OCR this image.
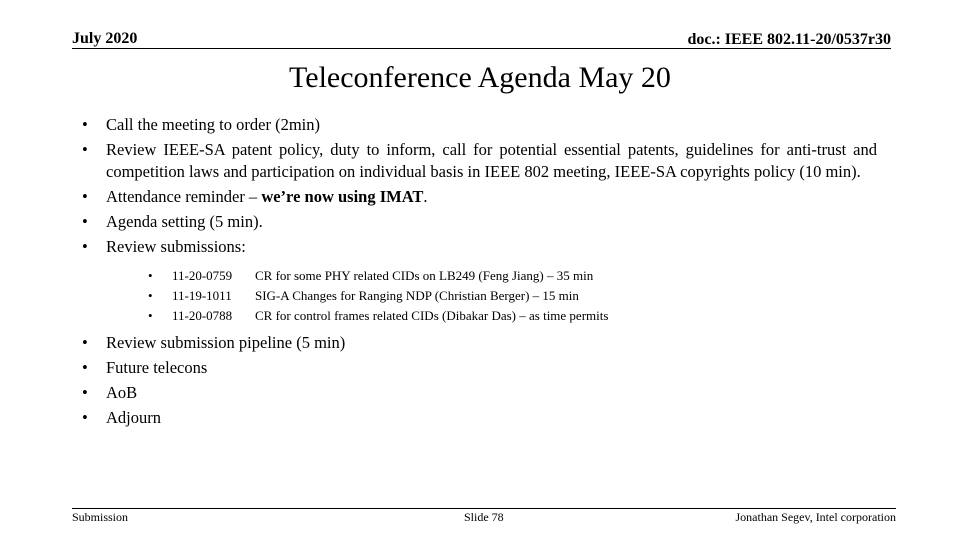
July 2020	doc.: IEEE 802.11-20/0537r30
Teleconference Agenda May 20
• Call the meeting to order (2min)
• Review IEEE-SA patent policy, duty to inform, call for potential essential patents, guidelines for anti-trust and competition laws and participation on individual basis in IEEE 802 meeting, IEEE-SA copyrights policy (10 min).
• Attendance reminder – we’re now using IMAT.
• Agenda setting (5 min).
• Review submissions:
• 11-20-0759 CR for some PHY related CIDs on LB249 (Feng Jiang) – 35 min
• 11-19-1011 SIG-A Changes for Ranging NDP (Christian Berger) – 15 min
• 11-20-0788 CR for control frames related CIDs (Dibakar Das) – as time permits
• Review submission pipeline (5 min)
• Future telecons
• AoB
• Adjourn
Submission	Slide 78	Jonathan Segev, Intel corporation
